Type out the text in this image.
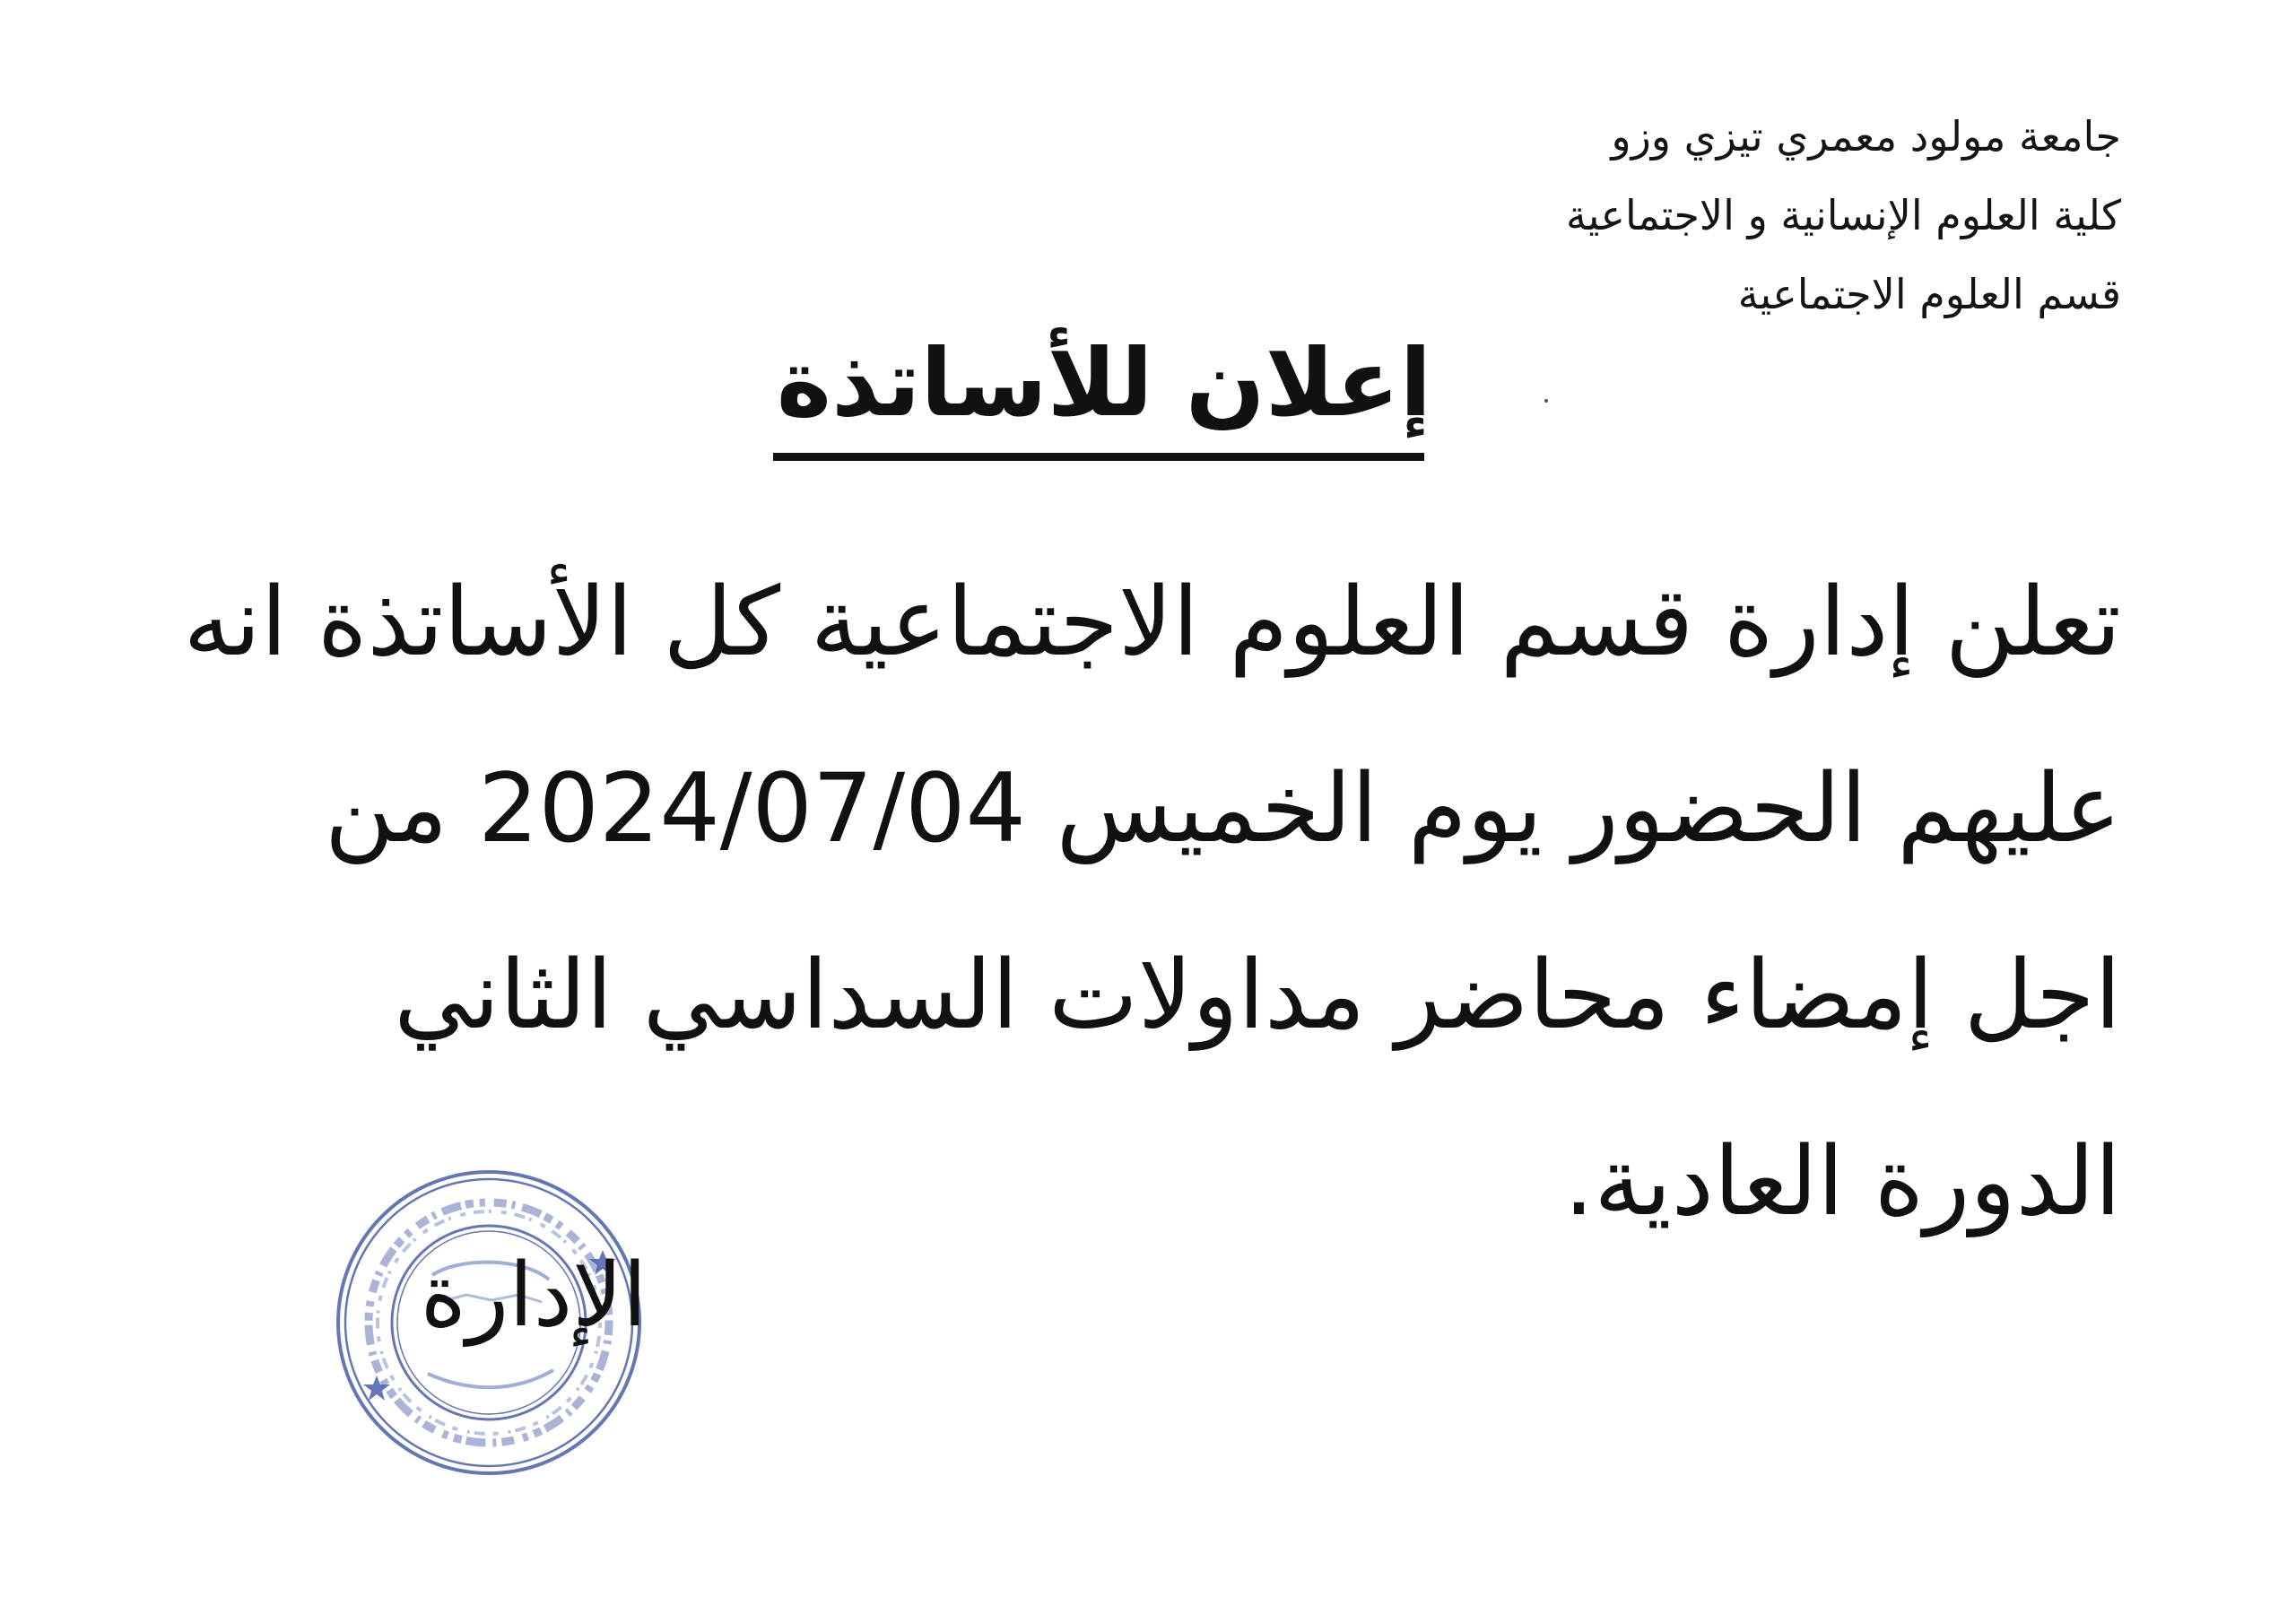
جامعة مولود معمري تيزي وزو
كلية العلوم الإنسانية و الاجتماعية
قسم العلوم الاجتماعية
إعلان للأساتذة
تعلن إدارة قسم العلوم الاجتماعية كل الأساتذة انه
عليهم الحضور يوم الخميس 2024/07/04 من
اجل إمضاء محاضر مداولات السداسي الثاني
الدورة العادية.
الإدارة
